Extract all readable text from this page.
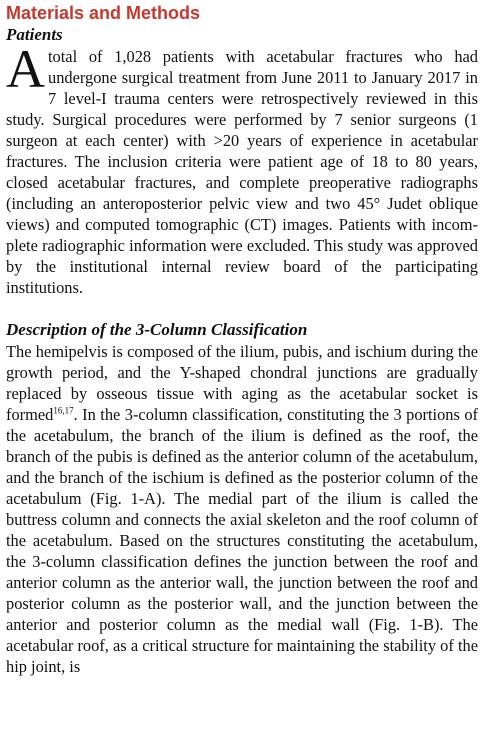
Materials and Methods
Patients

Atotal of 1,028 patients with acetabular fractures who had undergone surgical treatment from June 2011 to January 2017 in 7 level-I trauma centers were retrospectively reviewed in this study. Surgical procedures were performed by 7 senior surgeons (1 surgeon at each center) with >20 years of experience in acetabular fractures. The inclusion criteria were patient age of 18 to 80 years, closed acetabular fractures, and complete preoperative radiographs (including an anteroposterior pelvic view and two 45° Judet oblique views) and computed tomographic (CT) images. Patients with incomplete radiographic information were excluded. This study was approved by the institutional internal review board of the participating institutions.

Description of the 3-Column Classification

The hemipelvis is composed of the ilium, pubis, and ischium during the growth period, and the Y-shaped chondral junctions are gradually replaced by osseous tissue with aging as the acetabular socket is formed$^{16,17}$. In the 3-column classification, constituting the 3 portions of the acetabulum, the branch of the ilium is defined as the roof, the branch of the pubis is defined as the anterior column of the acetabulum, and the branch of the ischium is defined as the posterior column of the acetabulum (Fig. 1-A). The medial part of the ilium is called the buttress column and connects the axial skeleton and the roof column of the acetabulum. Based on the structures constituting the acetabulum, the 3-column classification defines the junction between the roof and anterior column as the anterior wall, the junction between the roof and posterior column as the posterior wall, and the junction between the anterior and posterior column as the medial wall (Fig. 1-B). The acetabular roof, as a critical structure for maintaining the stability of the hip joint, is
